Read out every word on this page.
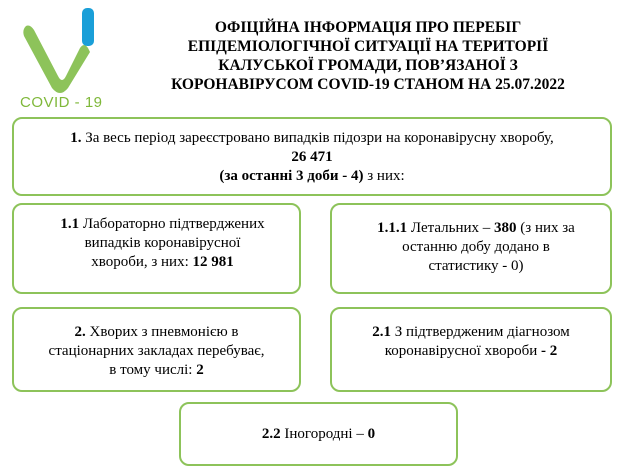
COVID - 19
ОФІЦІЙНА ІНФОРМАЦІЯ ПРО ПЕРЕБІГ
ЕПІДЕМІОЛОГІЧНОЇ СИТУАЦІЇ НА ТЕРИТОРІЇ
КАЛУСЬКОЇ ГРОМАДИ, ПОВ’ЯЗАНОЇ З
КОРОНАВІРУСОМ COVID-19 СТАНОМ НА 25.07.2022
1. За весь період зареєстровано випадків підозри на коронавірусну хворобу,
26 471
(за останні 3 доби - 4) з них:
1.1 Лабораторно підтверджених
випадків коронавірусної
хвороби, з них: 12 981
1.1.1 Летальних – 380 (з них за
останню добу додано в
статистику - 0)
2. Хворих з пневмонією в
стаціонарних закладах перебуває,
в тому числі: 2
2.1 З підтвердженим діагнозом
коронавірусної хвороби - 2
2.2 Іногородні – 0
